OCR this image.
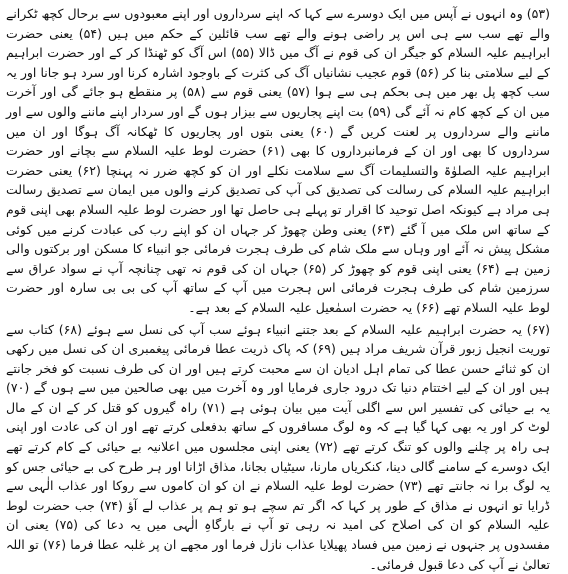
(۵۳) وہ انہوں نے آپس میں ایک دوسرے سے کہا کہ اپنے سرداروں اور اپنے معبودوں سے برحال کچھ ٹکرانے والے تھے سب سے ہی اس پر راضی ہونے والے تھے سب قائلین کے حکم میں ہیں (۵۴) یعنی حضرت ابراہیم علیہ السلام کو جیگر ان کی قوم نے آگ میں ڈالا (۵۵) اس آگ کو ٹھنڈا کر کے اور حضرت ابراہیم کے لیے سلامتی بنا کر (۵۶) قوم عجیب نشانیاں آگ کی کثرت کے باوجود اشارہ کرنا اور سرد ہو جانا اور یہ سب کچھ پل بھر میں ہی بحکم ہی سے ہوا (۵۷) یعنی قوم سے (۵۸) پر منقطع ہو جائے گی اور آخرت میں ان کے کچھ کام نہ آئے گی (۵۹) بت اپنے پجاریوں سے بیزار ہوں گے اور سردار اپنے ماننے والوں سے اور ماننے والے سرداروں پر لعنت کریں گے (۶۰) یعنی بتوں اور پجاریوں کا ٹھکانہ آگ ہوگا اور ان میں سرداروں کا بھی اور ان کے فرمانبرداروں کا بھی (۶۱) حضرت لوط علیہ السلام سے بچانے اور حضرت ابراہیم علیہ الصلوٰۃ والتسلیمات آگ سے سلامت نکلے اور ان کو کچھ ضرر نہ پہنچا (۶۲) یعنی حضرت ابراہیم علیہ السلام کی رسالت کی تصدیق کی آپ کی تصدیق کرنے والوں میں ایمان سے تصدیق رسالت ہی مراد ہے کیونکہ اصل توحید کا اقرار تو پہلے ہی حاصل تھا اور حضرت لوط علیہ السلام بھی اپنی قوم کے ساتھ اس ملک میں آ گئے (۶۳) یعنی وطن چھوڑ کر جہاں ان کو اپنے رب کی عبادت کرنے میں کوئی مشکل پیش نہ آئے اور وہاں سے ملک شام کی طرف ہجرت فرمائی جو انبیاء کا مسکن اور برکتوں والی زمین ہے (۶۴) یعنی اپنی قوم کو چھوڑ کر (۶۵) جہاں ان کی قوم نہ تھی چنانچہ آپ نے سواد عراق سے سرزمین شام کی طرف ہجرت فرمائی اس ہجرت میں آپ کے ساتھ آپ کی بی بی سارہ اور حضرت لوط علیہ السلام تھے (۶۶) یہ حضرت اسمٰعیل علیہ السلام کے بعد ہے۔

(۶۷) یہ حضرت ابراہیم علیہ السلام کے بعد جتنے انبیاء ہوئے سب آپ کی نسل سے ہوئے (۶۸) کتاب سے توریت انجیل زبور قرآن شریف مراد ہیں (۶۹) کہ پاک ذریت عطا فرمائی پیغمبری ان کی نسل میں رکھی ان کو ثنائے حسن عطا کی تمام اہل ادیان ان سے محبت کرتے ہیں اور ان کی طرف نسبت کو فخر جانتے ہیں اور ان کے لیے اختتام دنیا تک درود جاری فرمایا اور وہ آخرت میں بھی صالحین میں سے ہوں گے (۷۰) یہ بے حیائی کی تفسیر اس سے اگلی آیت میں بیان ہوئی ہے (۷۱) راہ گیروں کو قتل کر کے ان کے مال لوٹ کر اور یہ بھی کہا گیا ہے کہ وہ لوگ مسافروں کے ساتھ بدفعلی کرتے تھے اور ان کی عادت اور اپنی ہی راہ پر چلنے والوں کو تنگ کرتے تھے (۷۲) یعنی اپنی مجلسوں میں اعلانیہ بے حیائی کے کام کرتے تھے ایک دوسرے کے سامنے گالی دینا، کنکریاں مارنا، سیٹیاں بجانا، مذاق اڑانا اور ہر طرح کی بے حیائی جس کو یہ لوگ برا نہ جانتے تھے (۷۳) حضرت لوط علیہ السلام نے ان کو ان کاموں سے روکا اور عذاب الٰہی سے ڈرایا تو انہوں نے مذاق کے طور پر کہا کہ اگر تم سچے ہو تو ہم پر عذاب لے آؤ (۷۴) جب حضرت لوط علیہ السلام کو ان کی اصلاح کی امید نہ رہی تو آپ نے بارگاہِ الٰہی میں یہ دعا کی (۷۵) یعنی ان مفسدوں پر جنہوں نے زمین میں فساد پھیلایا عذاب نازل فرما اور مجھے ان پر غلبہ عطا فرما (۷۶) تو اللہ تعالیٰ نے آپ کی دعا قبول فرمائی۔
